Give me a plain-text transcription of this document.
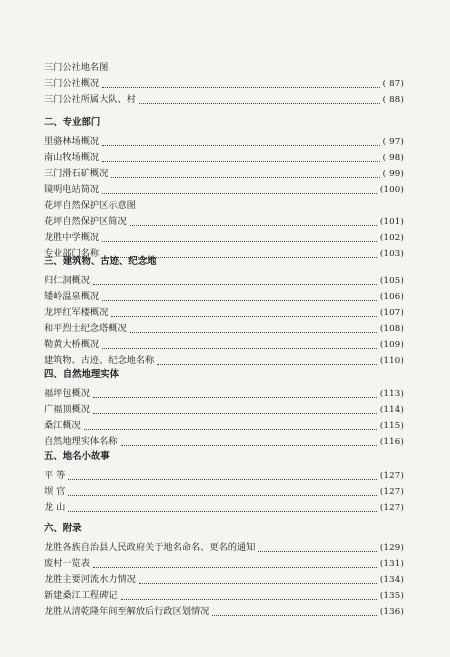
三门公社地名图
三门公社概况	( 87)
三门公社所属大队、村	( 88)
二、专业部门
里骆林场概况	( 97)
南山牧场概况	( 98)
三门滑石矿概况	( 99)
镜明电站简况	(100)
花坪自然保护区示意图
花坪自然保护区简况	(101)
龙胜中学概况	(102)
专业部门名称	(103)
三、建筑物、古迹、纪念地
归仁洞概况	(105)
矮岭温泉概况	(106)
龙坪红军楼概况	(107)
和平烈士纪念塔概况	(108)
勒黄大桥概况	(109)
建筑物、古迹、纪念地名称	(110)
四、自然地理实体
福坪包概况	(113)
广福顶概况	(114)
桑江概况	(115)
自然地理实体名称	(116)
五、地名小故事
平 等	(127)
坝 官	(127)
龙 山	(127)
六、附录
龙胜各族自治县人民政府关于地名命名、更名的通知	(129)
废村一览表	(131)
龙胜主要河流水力情况	(134)
新建桑江工程碑记	(135)
龙胜从清乾隆年间至解放后行政区划情况	(136)
